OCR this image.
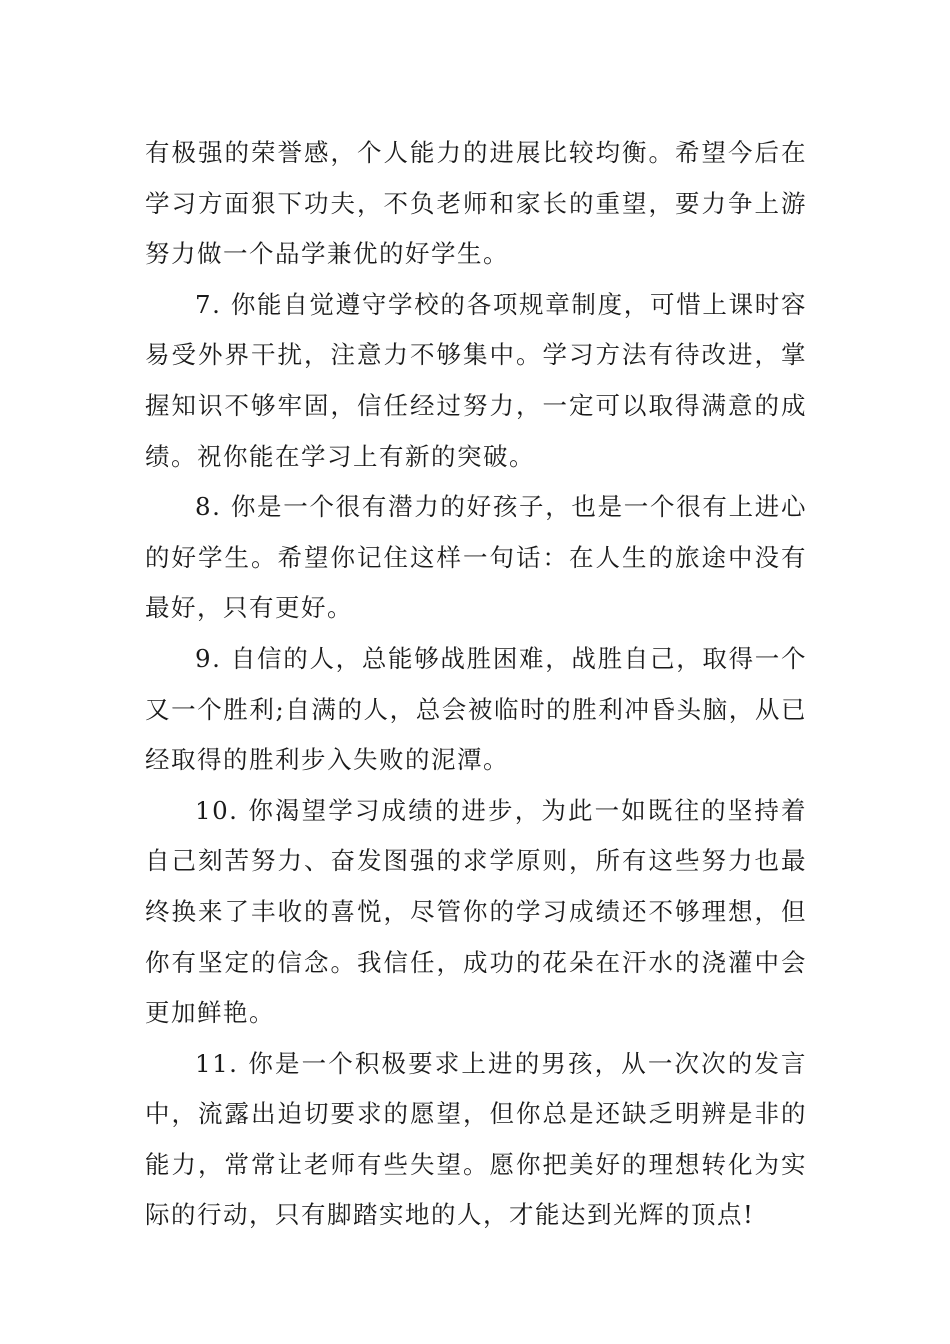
有极强的荣誉感，个人能力的进展比较均衡。希望今后在学习方面狠下功夫，不负老师和家长的重望，要力争上游努力做一个品学兼优的好学生。

7. 你能自觉遵守学校的各项规章制度，可惜上课时容易受外界干扰，注意力不够集中。学习方法有待改进，掌握知识不够牢固，信任经过努力，一定可以取得满意的成绩。祝你能在学习上有新的突破。

8. 你是一个很有潜力的好孩子，也是一个很有上进心的好学生。希望你记住这样一句话：在人生的旅途中没有最好，只有更好。

9. 自信的人，总能够战胜困难，战胜自己，取得一个又一个胜利;自满的人，总会被临时的胜利冲昏头脑，从已经取得的胜利步入失败的泥潭。

10. 你渴望学习成绩的进步，为此一如既往的坚持着自己刻苦努力、奋发图强的求学原则，所有这些努力也最终换来了丰收的喜悦，尽管你的学习成绩还不够理想，但你有坚定的信念。我信任，成功的花朵在汗水的浇灌中会更加鲜艳。

11. 你是一个积极要求上进的男孩，从一次次的发言中，流露出迫切要求的愿望，但你总是还缺乏明辨是非的能力，常常让老师有些失望。愿你把美好的理想转化为实际的行动，只有脚踏实地的人，才能达到光辉的顶点!
